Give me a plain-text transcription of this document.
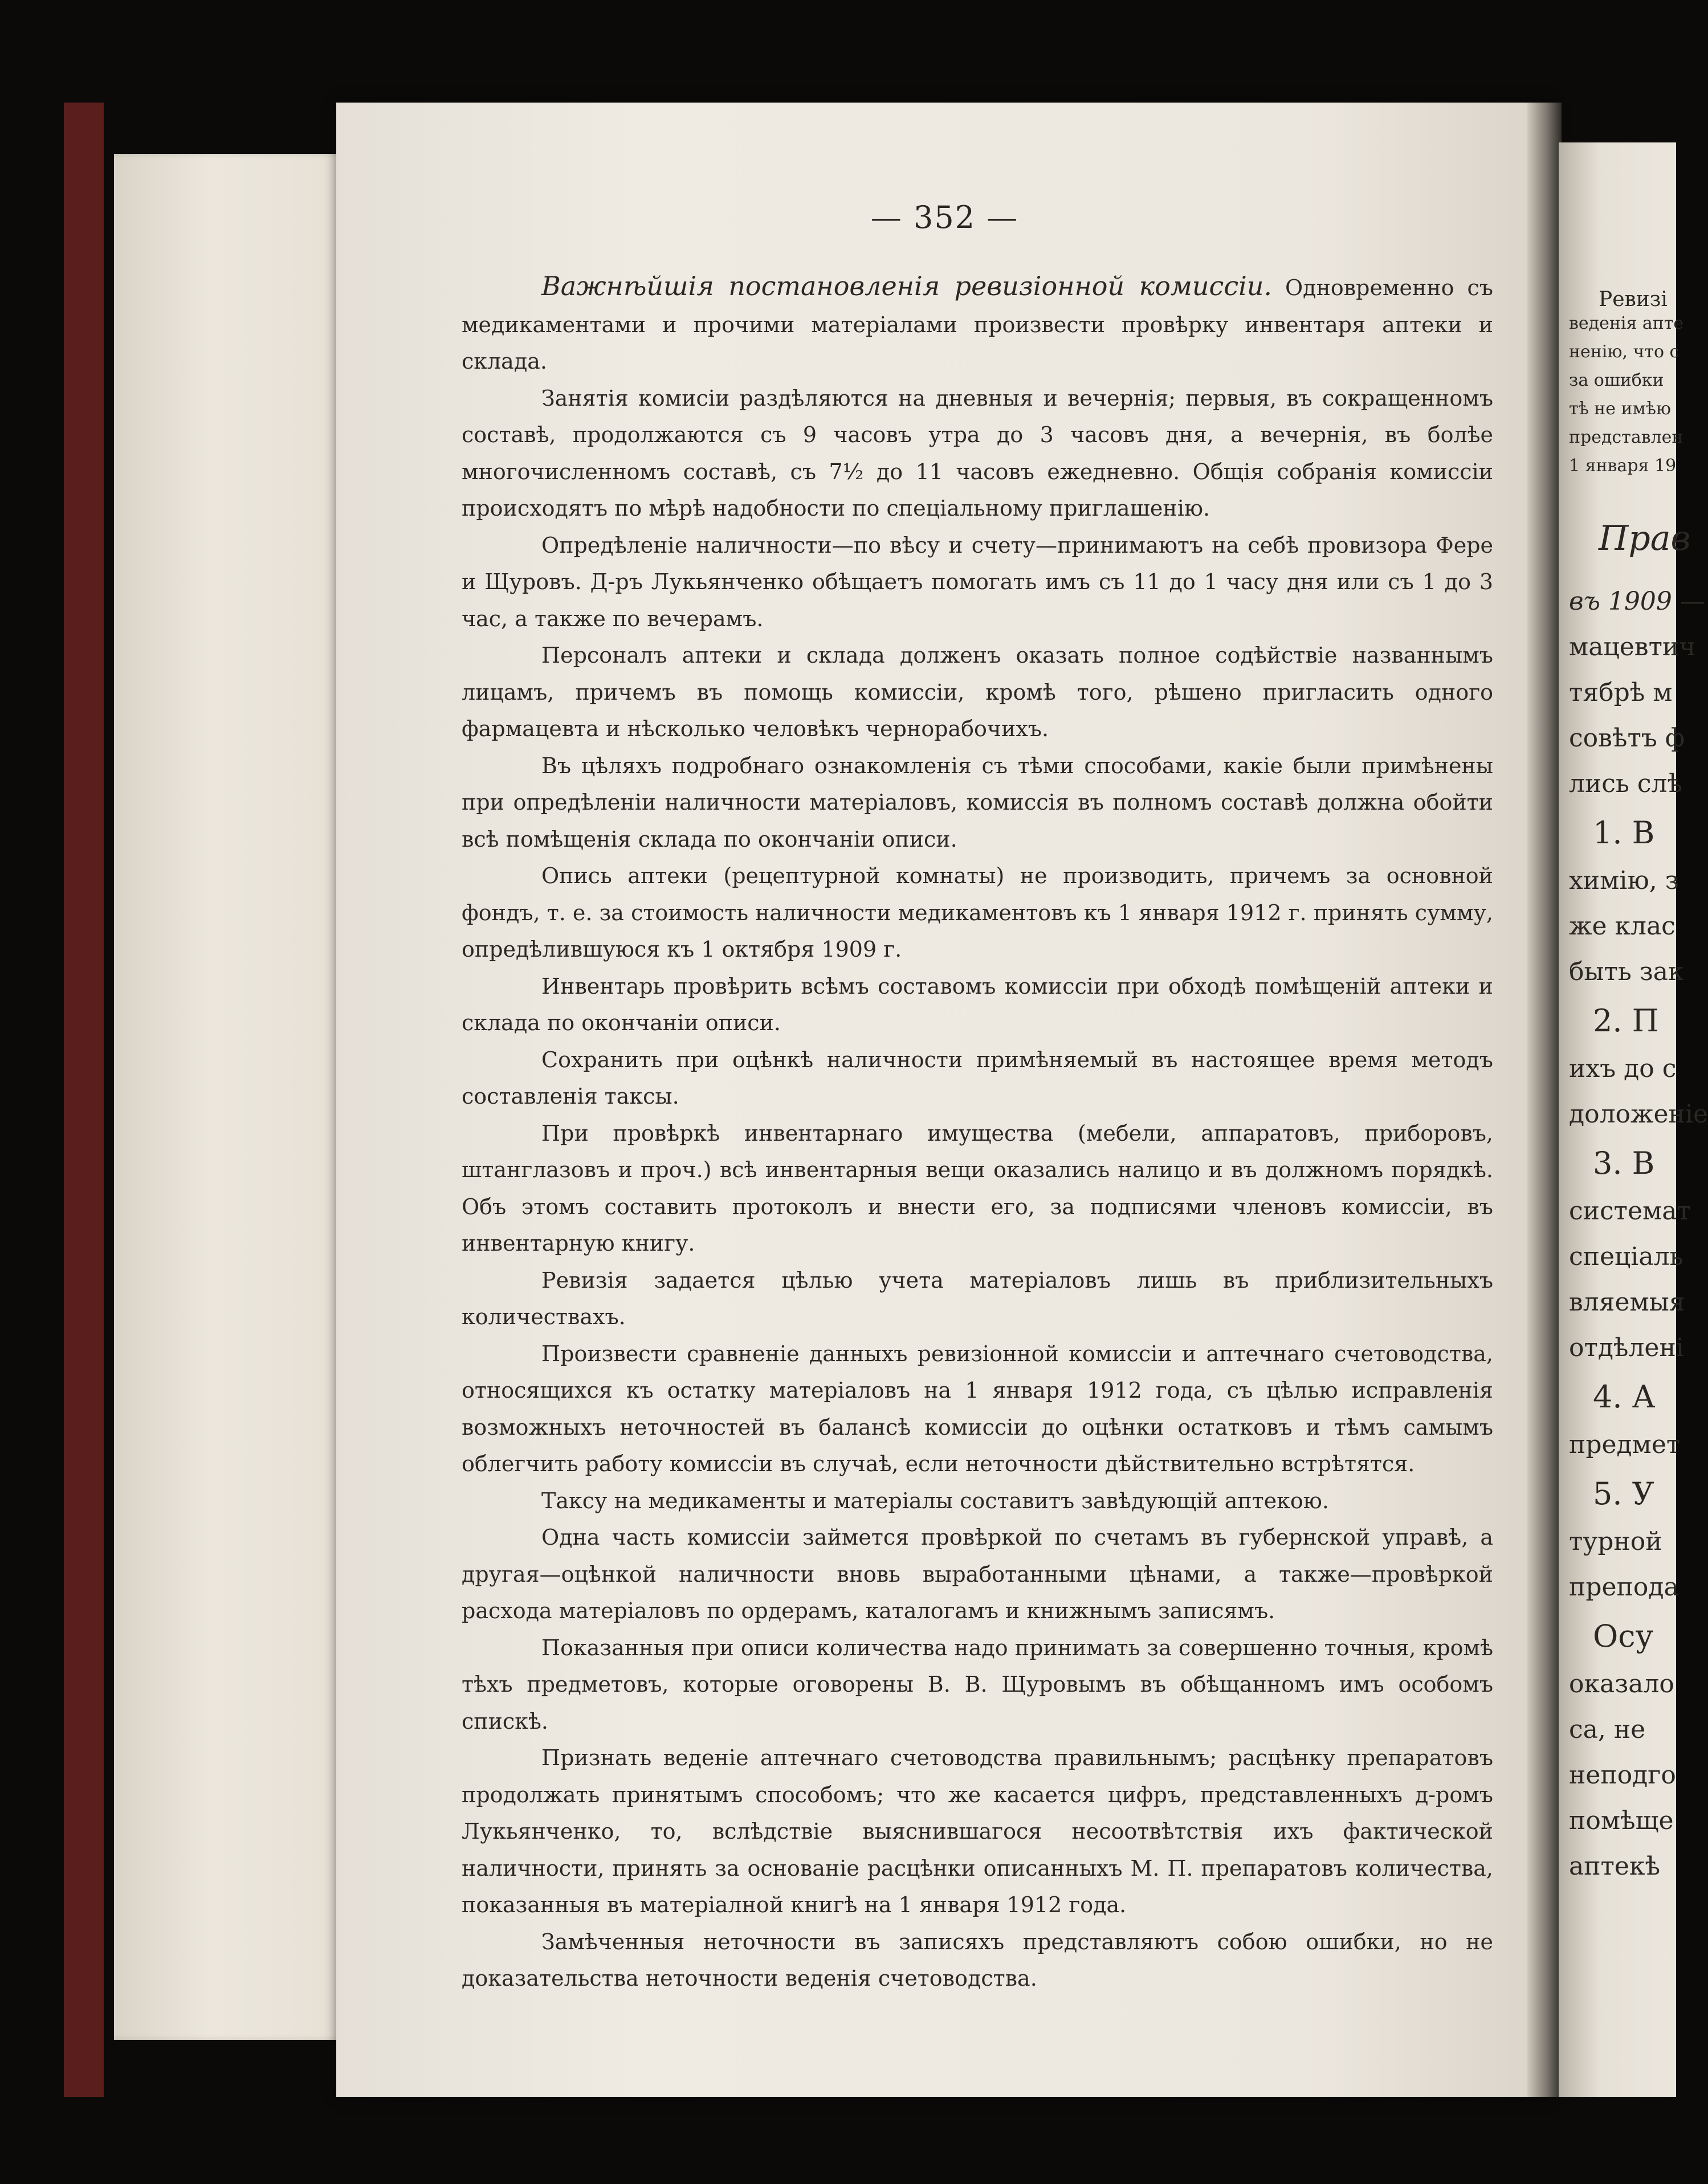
— 352 —

Важнѣйшія постановленія ревизіонной комиссіи. Одновременно съ медикаментами и прочими матеріалами произвести провѣрку инвентаря аптеки и склада.

Занятія комисіи раздѣляются на дневныя и вечернія; первыя, въ сокращенномъ составѣ, продолжаются съ 9 часовъ утра до 3 часовъ дня, а вечернія, въ болѣе многочисленномъ составѣ, съ 7½ до 11 часовъ ежедневно. Общія собранія комиссіи происходятъ по мѣрѣ надобности по спеціальному приглашенію.

Опредѣленіе наличности—по вѣсу и счету—принимаютъ на себѣ провизора Фере и Щуровъ. Д-ръ Лукьянченко обѣщаетъ помогать имъ съ 11 до 1 часу дня или съ 1 до 3 час, а также по вечерамъ.

Персоналъ аптеки и склада долженъ оказать полное содѣйствіе названнымъ лицамъ, причемъ въ помощь комиссіи, кромѣ того, рѣшено пригласить одного фармацевта и нѣсколько человѣкъ чернорабочихъ.

Въ цѣляхъ подробнаго ознакомленія съ тѣми способами, какіе были примѣнены при опредѣленіи наличности матеріаловъ, комиссія въ полномъ составѣ должна обойти всѣ помѣщенія склада по окончаніи описи.

Опись аптеки (рецептурной комнаты) не производить, причемъ за основной фондъ, т. е. за стоимость наличности медикаментовъ къ 1 января 1912 г. принять сумму, опредѣлившуюся къ 1 октября 1909 г.

Инвентарь провѣрить всѣмъ составомъ комиссіи при обходѣ помѣщеній аптеки и склада по окончаніи описи.

Сохранить при оцѣнкѣ наличности примѣняемый въ настоящее время методъ составленія таксы.

При провѣркѣ инвентарнаго имущества (мебели, аппаратовъ, приборовъ, штанглазовъ и проч.) всѣ инвентарныя вещи оказались налицо и въ должномъ порядкѣ. Объ этомъ составить протоколъ и внести его, за подписями членовъ комиссіи, въ инвентарную книгу.

Ревизія задается цѣлью учета матеріаловъ лишь въ приблизительныхъ количествахъ.

Произвести сравненіе данныхъ ревизіонной комиссіи и аптечнаго счетоводства, относящихся къ остатку матеріаловъ на 1 января 1912 года, съ цѣлью исправленія возможныхъ неточностей въ балансѣ комиссіи до оцѣнки остатковъ и тѣмъ самымъ облегчить работу комиссіи въ случаѣ, если неточности дѣйствительно встрѣтятся.

Таксу на медикаменты и матеріалы составитъ завѣдующій аптекою.

Одна часть комиссіи займется провѣркой по счетамъ въ губернской управѣ, а другая—оцѣнкой наличности вновь выработанными цѣнами, а также—провѣркой расхода матеріаловъ по ордерамъ, каталогамъ и книжнымъ записямъ.

Показанныя при описи количества надо принимать за совершенно точныя, кромѣ тѣхъ предметовъ, которые оговорены В. В. Щуровымъ въ обѣщанномъ имъ особомъ спискѣ.

Признать веденіе аптечнаго счетоводства правильнымъ; расцѣнку препаратовъ продолжать принятымъ способомъ; что же касается цифръ, представленныхъ д-ромъ Лукьянченко, то, вслѣдствіе выяснившагося несоотвѣтствія ихъ фактической наличности, принять за основаніе расцѣнки описанныхъ М. П. препаратовъ количества, показанныя въ матеріалной книгѣ на 1 января 1912 года.

Замѣченныя неточности въ записяхъ представляютъ собою ошибки, но не доказательства неточности веденія счетоводства.

Ревизі
веденія апте
ненію, что с
за ошибки
тѣ не имѣю
представлен
1 января 19
Прав
въ 1909 —
мацевтич
тябрѣ м
совѣтъ ф
лись слѣ
1. В
химію, з
же клас
быть зак
2. П
ихъ до с
доложеніе
3. В
системат
спеціаль
вляемыя
отдѣлені
4. А
предмет
5. У
турной
препода
Осу
оказало
са, не
неподго
помѣще
аптекѣ
